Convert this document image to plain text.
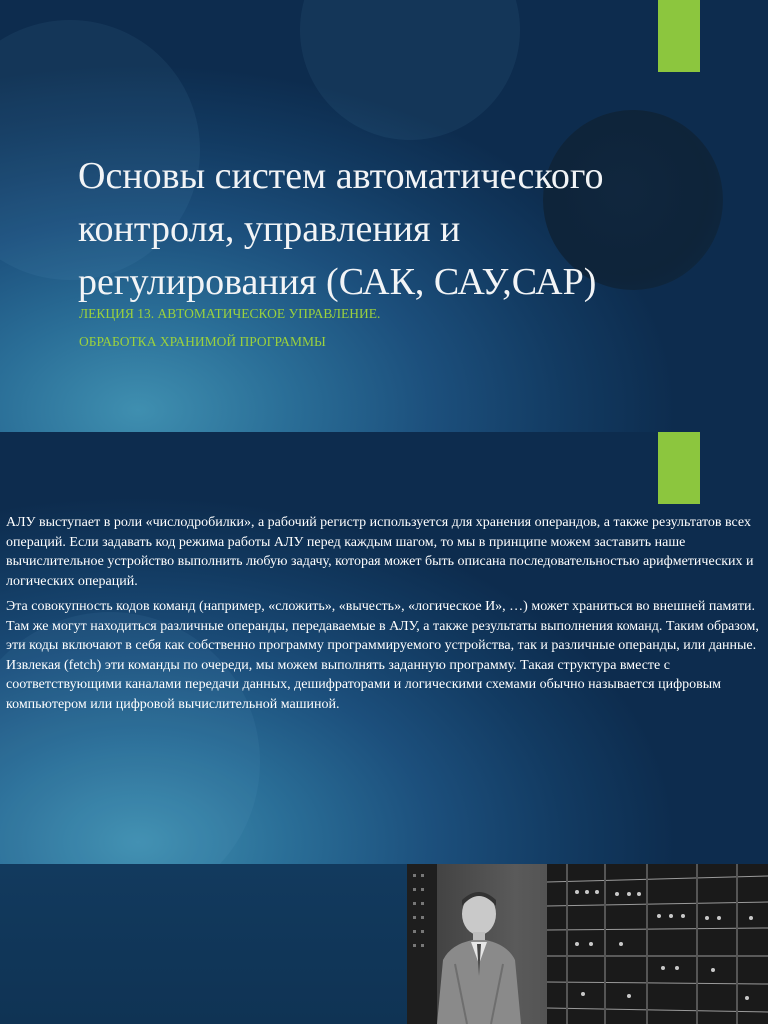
Основы систем автоматического контроля, управления и регулирования (САК, САУ,САР)
ЛЕКЦИЯ 13. АВТОМАТИЧЕСКОЕ УПРАВЛЕНИЕ.
ОБРАБОТКА ХРАНИМОЙ ПРОГРАММЫ

АЛУ выступает в роли «числодробилки», а рабочий регистр используется для хранения операндов, а также результатов всех операций. Если задавать код режима работы АЛУ перед каждым шагом, то мы в принципе можем заставить наше вычислительное устройство выполнить любую задачу, которая может быть описана последовательностью арифметических и логических операций.

Эта совокупность кодов команд (например, «сложить», «вычесть», «логическое И», …) может храниться во внешней памяти. Там же могут находиться различные операнды, передаваемые в АЛУ, а также результаты выполнения команд. Таким образом, эти коды включают в себя как собственно программу программируемого устройства, так и различные операнды, или данные. Извлекая (fetch) эти команды по очереди, мы можем выполнять заданную программу. Такая структура вместе с соответствующими каналами передачи данных, дешифраторами и логическими схемами обычно называется цифровым компьютером или цифровой вычислительной машиной.
